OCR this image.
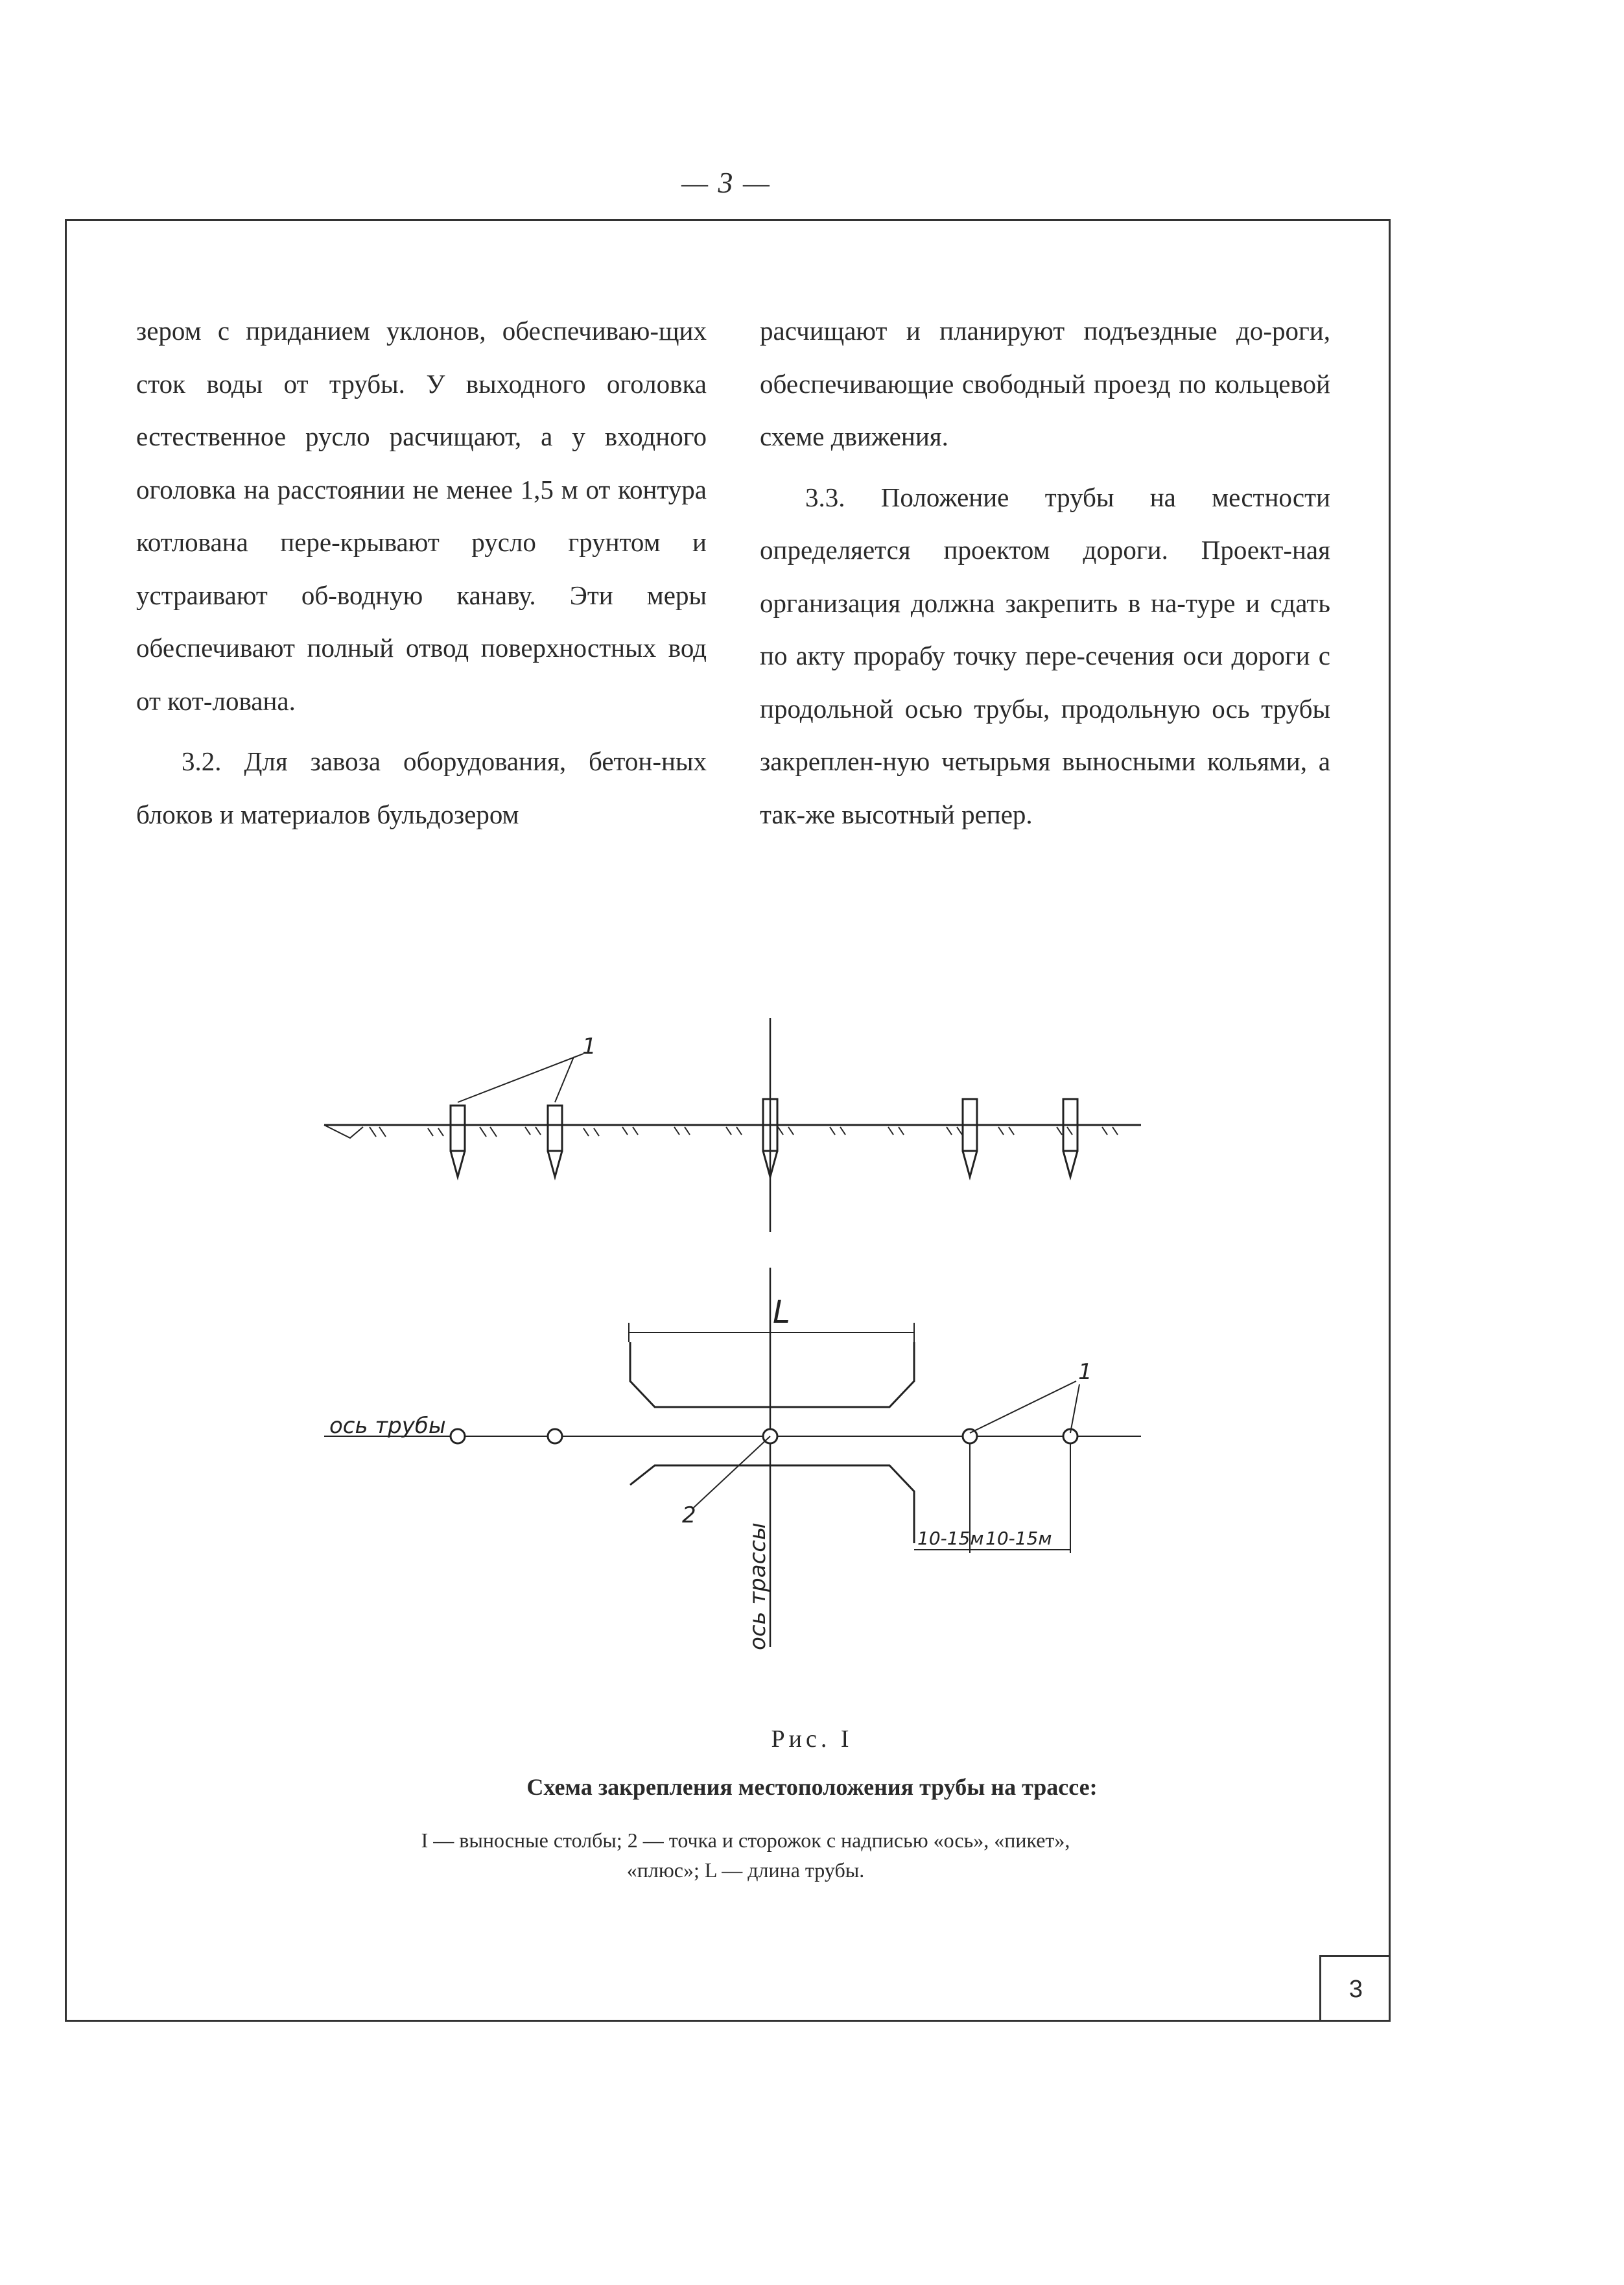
— 3 —

зером с приданием уклонов, обеспечиваю-щих сток воды от трубы. У выходного оголовка естественное русло расчищают, а у входного оголовка на расстоянии не менее 1,5 м от контура котлована пере-крывают русло грунтом и устраивают об-водную канаву. Эти меры обеспечивают полный отвод поверхностных вод от кот-лована.

3.2. Для завоза оборудования, бетон-ных блоков и материалов бульдозером

расчищают и планируют подъездные до-роги, обеспечивающие свободный проезд по кольцевой схеме движения.

3.3. Положение трубы на местности определяется проектом дороги. Проект-ная организация должна закрепить в на-туре и сдать по акту прорабу точку пере-сечения оси дороги с продольной осью трубы, продольную ось трубы закреплен-ную четырьмя выносными кольями, а так-же высотный репер.

1
1
2
L
ось трубы
ось трассы	10-15м 10-15м
Рис. I
Схема закрепления местоположения трубы на трассе:
I — выносные столбы; 2 — точка и сторожок с надписью «ось», «пикет»,
«плюс»; L — длина трубы.
3
